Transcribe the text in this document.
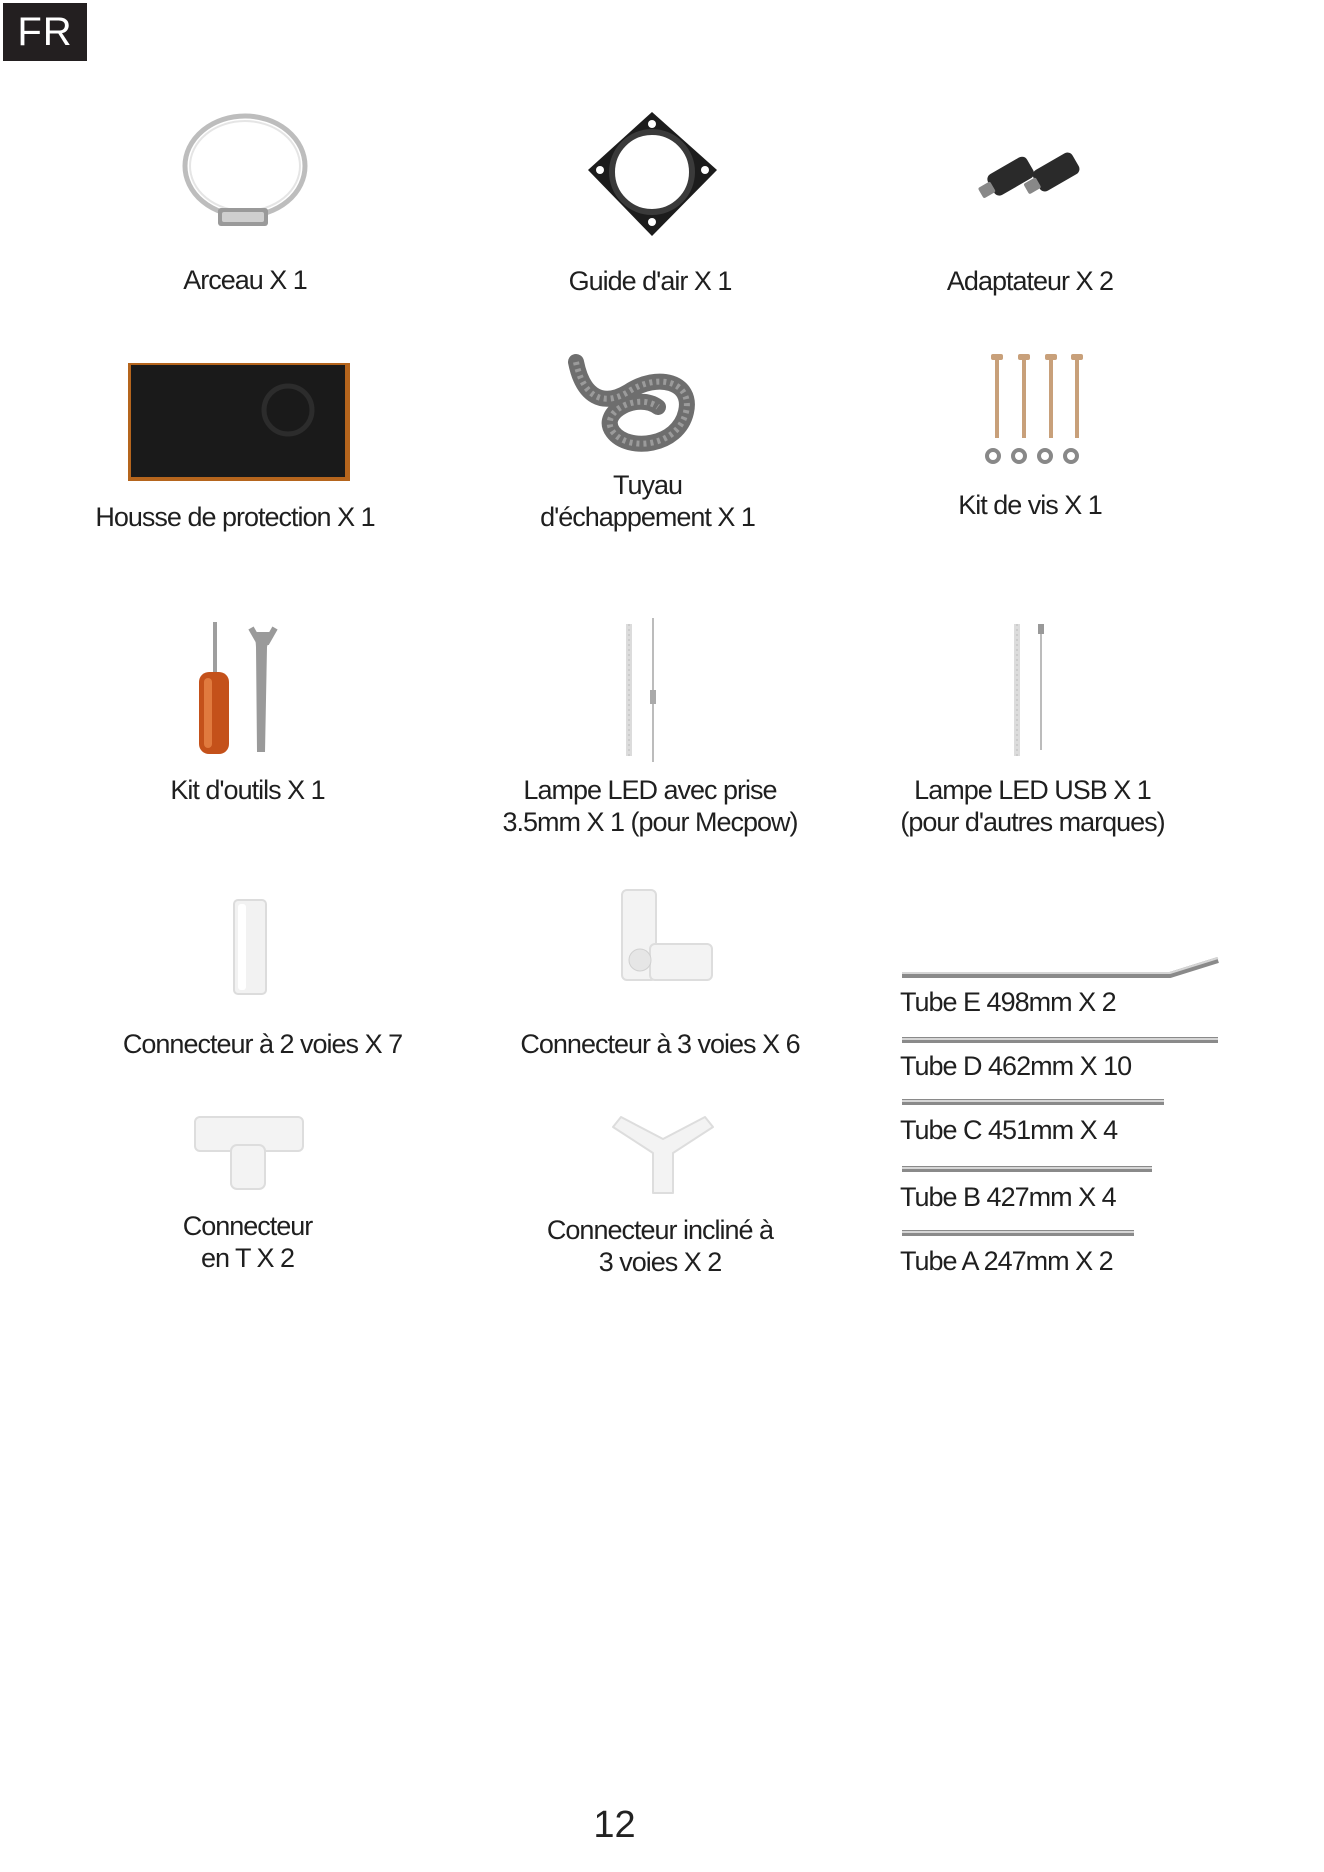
FR
Arceau X 1	Guide d'air X 1	Adaptateur X 2
Housse de protection X 1
Tuyau
d'échappement X 1	Kit de vis X 1
Kit d'outils X 1	Lampe LED avec prise
3.5mm X 1 (pour Mecpow)
Lampe LED USB X 1
(pour d'autres marques)
Connecteur à 2 voies X 7	Connecteur à 3 voies X 6
Tube E 498mm X 2
Tube D 462mm X 10
Tube C 451mm X 4
Tube B 427mm X 4
Tube A 247mm X 2
Connecteur
en T X 2
Connecteur incliné à
3 voies X 2
12
